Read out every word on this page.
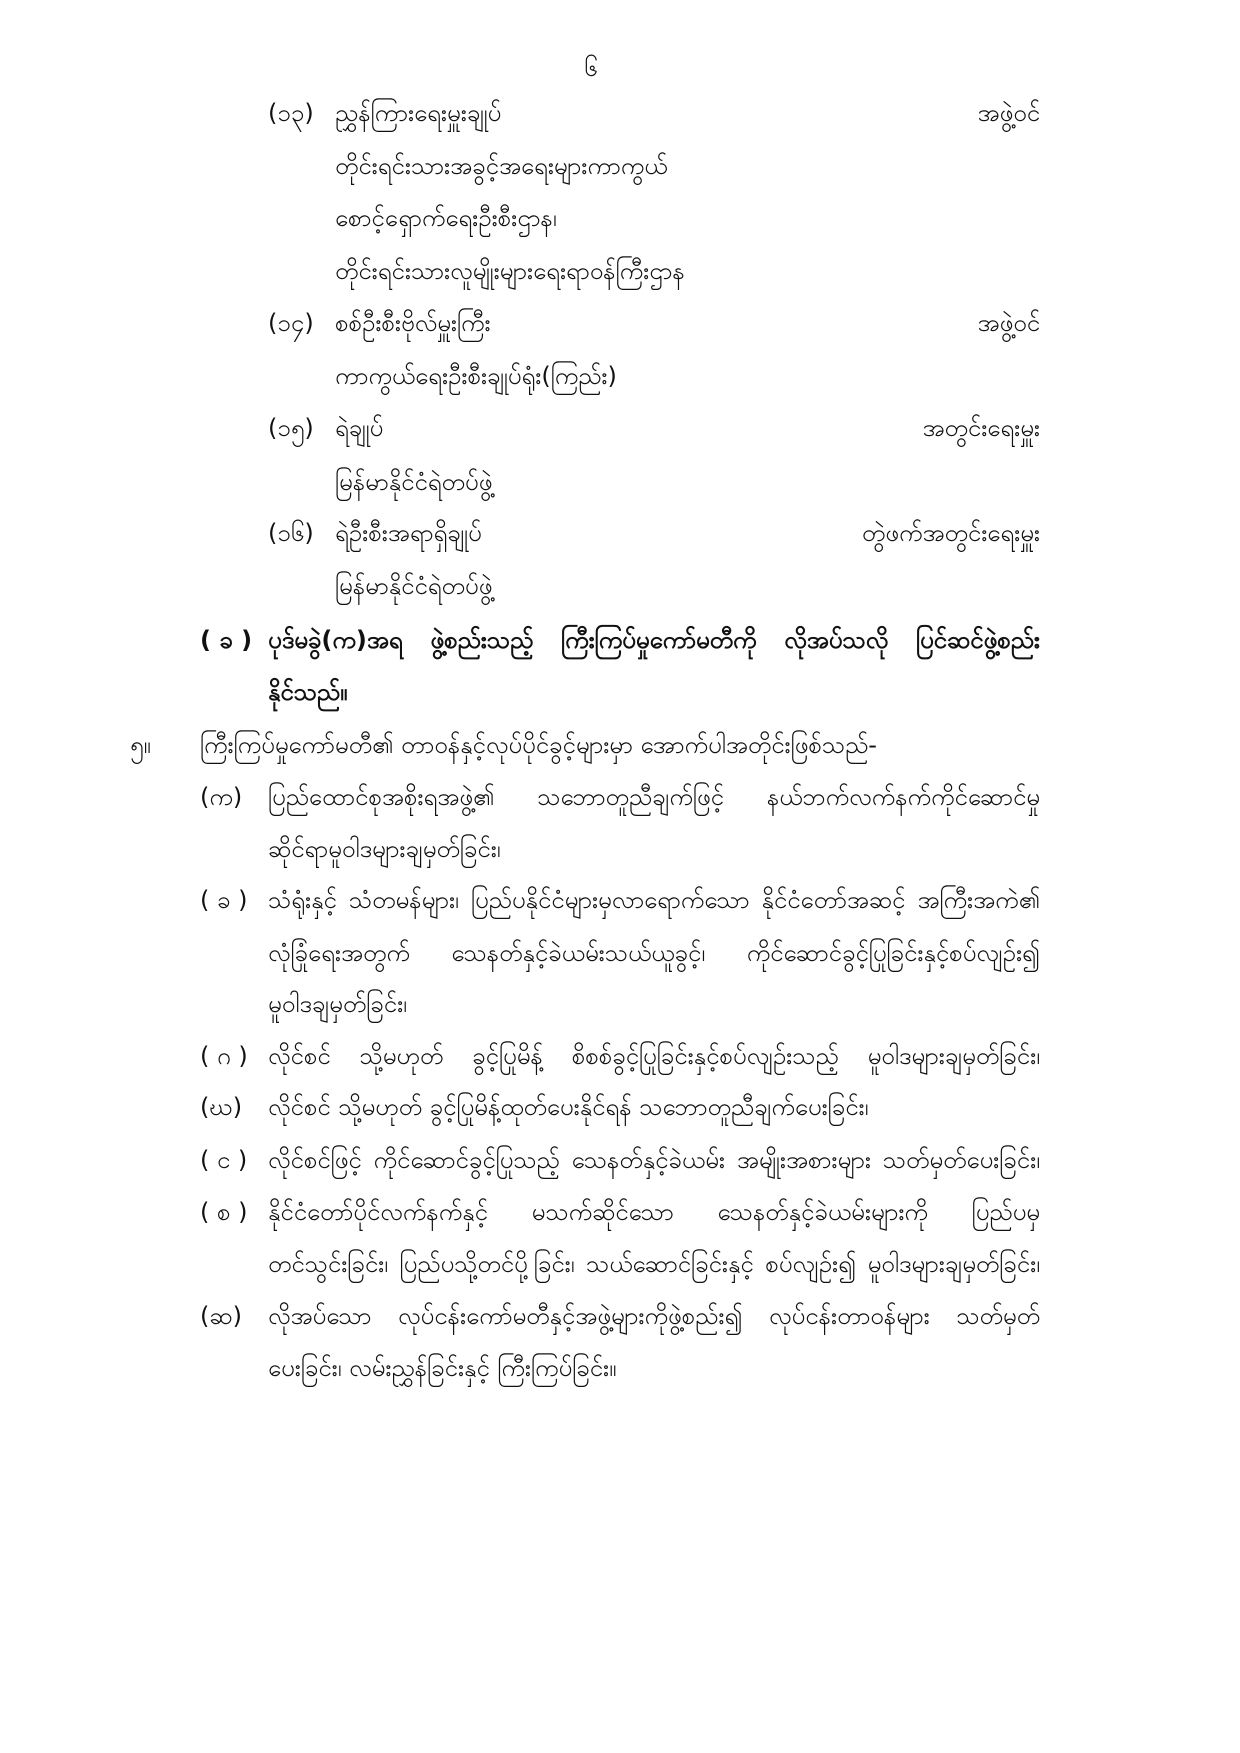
၆
(၁၃) ညွှန်ကြားရေးမှူးချုပ်	အဖွဲ့ဝင်
တိုင်းရင်းသားအခွင့်အရေးများကာကွယ်
စောင့်ရှောက်ရေးဦးစီးဌာန၊
တိုင်းရင်းသားလူမျိုးများရေးရာဝန်ကြီးဌာန
(၁၄) စစ်ဦးစီးဗိုလ်မှူးကြီး	အဖွဲ့ဝင်
ကာကွယ်ရေးဦးစီးချုပ်ရုံး(ကြည်း)
(၁၅) ရဲချုပ်	အတွင်းရေးမှူး
မြန်မာနိုင်ငံရဲတပ်ဖွဲ့
(၁၆) ရဲဦးစီးအရာရှိချုပ်	တွဲဖက်အတွင်းရေးမှူး
မြန်မာနိုင်ငံရဲတပ်ဖွဲ့
( ခ ) ပုဒ်မခွဲ(က)အရ ဖွဲ့စည်းသည့် ကြီးကြပ်မှုကော်မတီကို လိုအပ်သလို ပြင်ဆင်ဖွဲ့စည်း
နိုင်သည်။
၅။	ကြီးကြပ်မှုကော်မတီ၏ တာဝန်နှင့်လုပ်ပိုင်ခွင့်များမှာ အောက်ပါအတိုင်းဖြစ်သည်-
(က)	ပြည်ထောင်စုအစိုးရအဖွဲ့၏ သဘောတူညီချက်ဖြင့် နယ်ဘက်လက်နက်ကိုင်ဆောင်မှု
ဆိုင်ရာမူဝါဒများချမှတ်ခြင်း၊
( ခ ) သံရုံးနှင့် သံတမန်များ၊ ပြည်ပနိုင်ငံများမှလာရောက်သော နိုင်ငံတော်အဆင့် အကြီးအကဲ၏
လုံခြုံရေးအတွက် သေနတ်နှင့်ခဲယမ်းသယ်ယူခွင့်၊ ကိုင်ဆောင်ခွင့်ပြုခြင်းနှင့်စပ်လျဉ်း၍
မူဝါဒချမှတ်ခြင်း၊
( ဂ ) လိုင်စင် သို့မဟုတ် ခွင့်ပြုမိန့် စိစစ်ခွင့်ပြုခြင်းနှင့်စပ်လျဉ်းသည့် မူဝါဒများချမှတ်ခြင်း၊
(ဃ)	လိုင်စင် သို့မဟုတ် ခွင့်ပြုမိန့်ထုတ်ပေးနိုင်ရန် သဘောတူညီချက်ပေးခြင်း၊
( င ) လိုင်စင်ဖြင့် ကိုင်ဆောင်ခွင့်ပြုသည့် သေနတ်နှင့်ခဲယမ်း အမျိုးအစားများ သတ်မှတ်ပေးခြင်း၊
( စ ) နိုင်ငံတော်ပိုင်လက်နက်နှင့် မသက်ဆိုင်သော သေနတ်နှင့်ခဲယမ်းများကို ပြည်ပမှ
တင်သွင်းခြင်း၊ ပြည်ပသို့တင်ပို့ခြင်း၊ သယ်ဆောင်ခြင်းနှင့် စပ်လျဉ်း၍ မူဝါဒများချမှတ်ခြင်း၊
(ဆ)	လိုအပ်သော လုပ်ငန်းကော်မတီနှင့်အဖွဲ့များကိုဖွဲ့စည်း၍ လုပ်ငန်းတာဝန်များ သတ်မှတ်
ပေးခြင်း၊ လမ်းညွှန်ခြင်းနှင့် ကြီးကြပ်ခြင်း။
